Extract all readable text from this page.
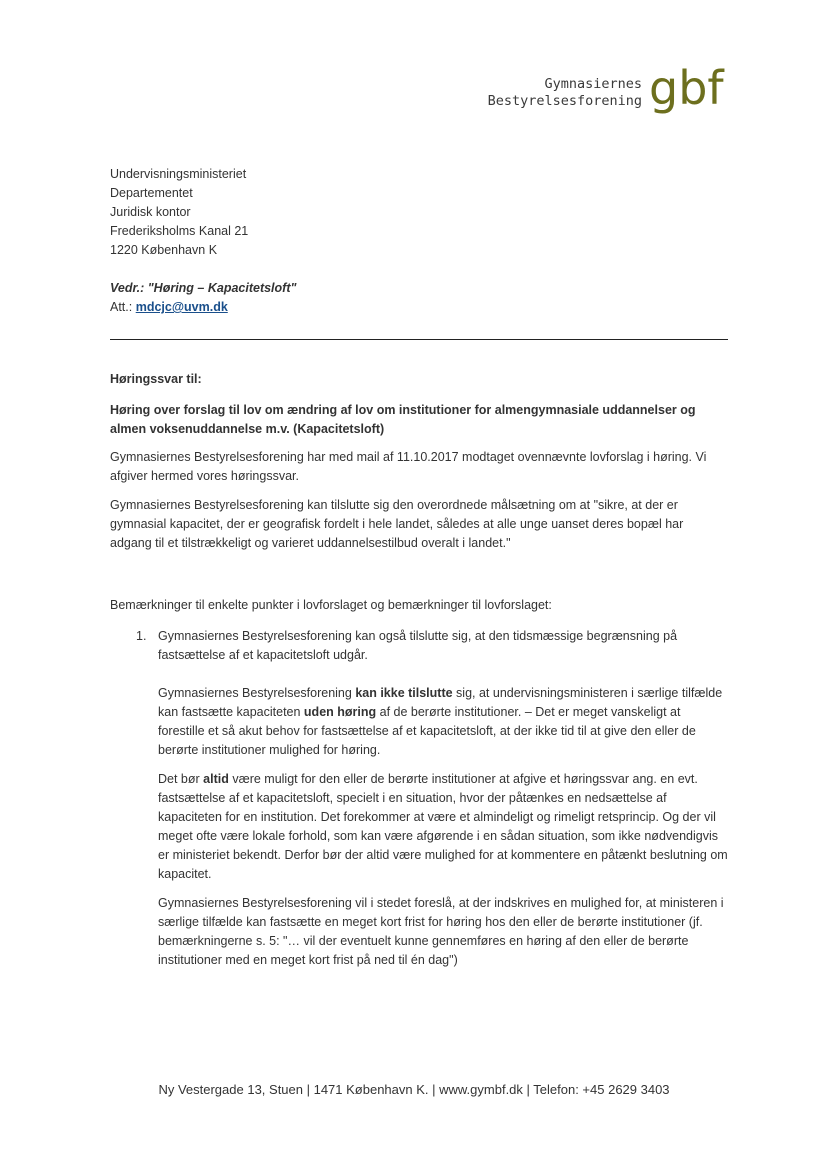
Gymnasiernes
Bestyrelsesforening gbf
Undervisningsministeriet
Departementet
Juridisk kontor
Frederiksholms Kanal 21
1220 København K
Vedr.: "Høring – Kapacitetsloft"
Att.: mdcjc@uvm.dk
Høringssvar til:
Høring over forslag til lov om ændring af lov om institutioner for almengymnasiale uddannelser og almen voksenuddannelse m.v. (Kapacitetsloft)
Gymnasiernes Bestyrelsesforening har med mail af 11.10.2017 modtaget ovennævnte lovforslag i høring. Vi afgiver hermed vores høringssvar.
Gymnasiernes Bestyrelsesforening kan tilslutte sig den overordnede målsætning om at "sikre, at der er gymnasial kapacitet, der er geografisk fordelt i hele landet, således at alle unge uanset deres bopæl har adgang til et tilstrækkeligt og varieret uddannelsestilbud overalt i landet."
Bemærkninger til enkelte punkter i lovforslaget og bemærkninger til lovforslaget:
1. Gymnasiernes Bestyrelsesforening kan også tilslutte sig, at den tidsmæssige begrænsning på fastsættelse af et kapacitetsloft udgår.
Gymnasiernes Bestyrelsesforening kan ikke tilslutte sig, at undervisningsministeren i særlige tilfælde kan fastsætte kapaciteten uden høring af de berørte institutioner. – Det er meget vanskeligt at forestille et så akut behov for fastsættelse af et kapacitetsloft, at der ikke tid til at give den eller de berørte institutioner mulighed for høring.
Det bør altid være muligt for den eller de berørte institutioner at afgive et høringssvar ang. en evt. fastsættelse af et kapacitetsloft, specielt i en situation, hvor der påtænkes en nedsættelse af kapaciteten for en institution. Det forekommer at være et almindeligt og rimeligt retsprincip. Og der vil meget ofte være lokale forhold, som kan være afgørende i en sådan situation, som ikke nødvendigvis er ministeriet bekendt. Derfor bør der altid være mulighed for at kommentere en påtænkt beslutning om kapacitet.
Gymnasiernes Bestyrelsesforening vil i stedet foreslå, at der indskrives en mulighed for, at ministeren i særlige tilfælde kan fastsætte en meget kort frist for høring hos den eller de berørte institutioner (jf. bemærkningerne s. 5: "… vil der eventuelt kunne gennemføres en høring af den eller de berørte institutioner med en meget kort frist på ned til én dag")
Ny Vestergade 13, Stuen | 1471 København K. | www.gymbf.dk | Telefon: +45 2629 3403
